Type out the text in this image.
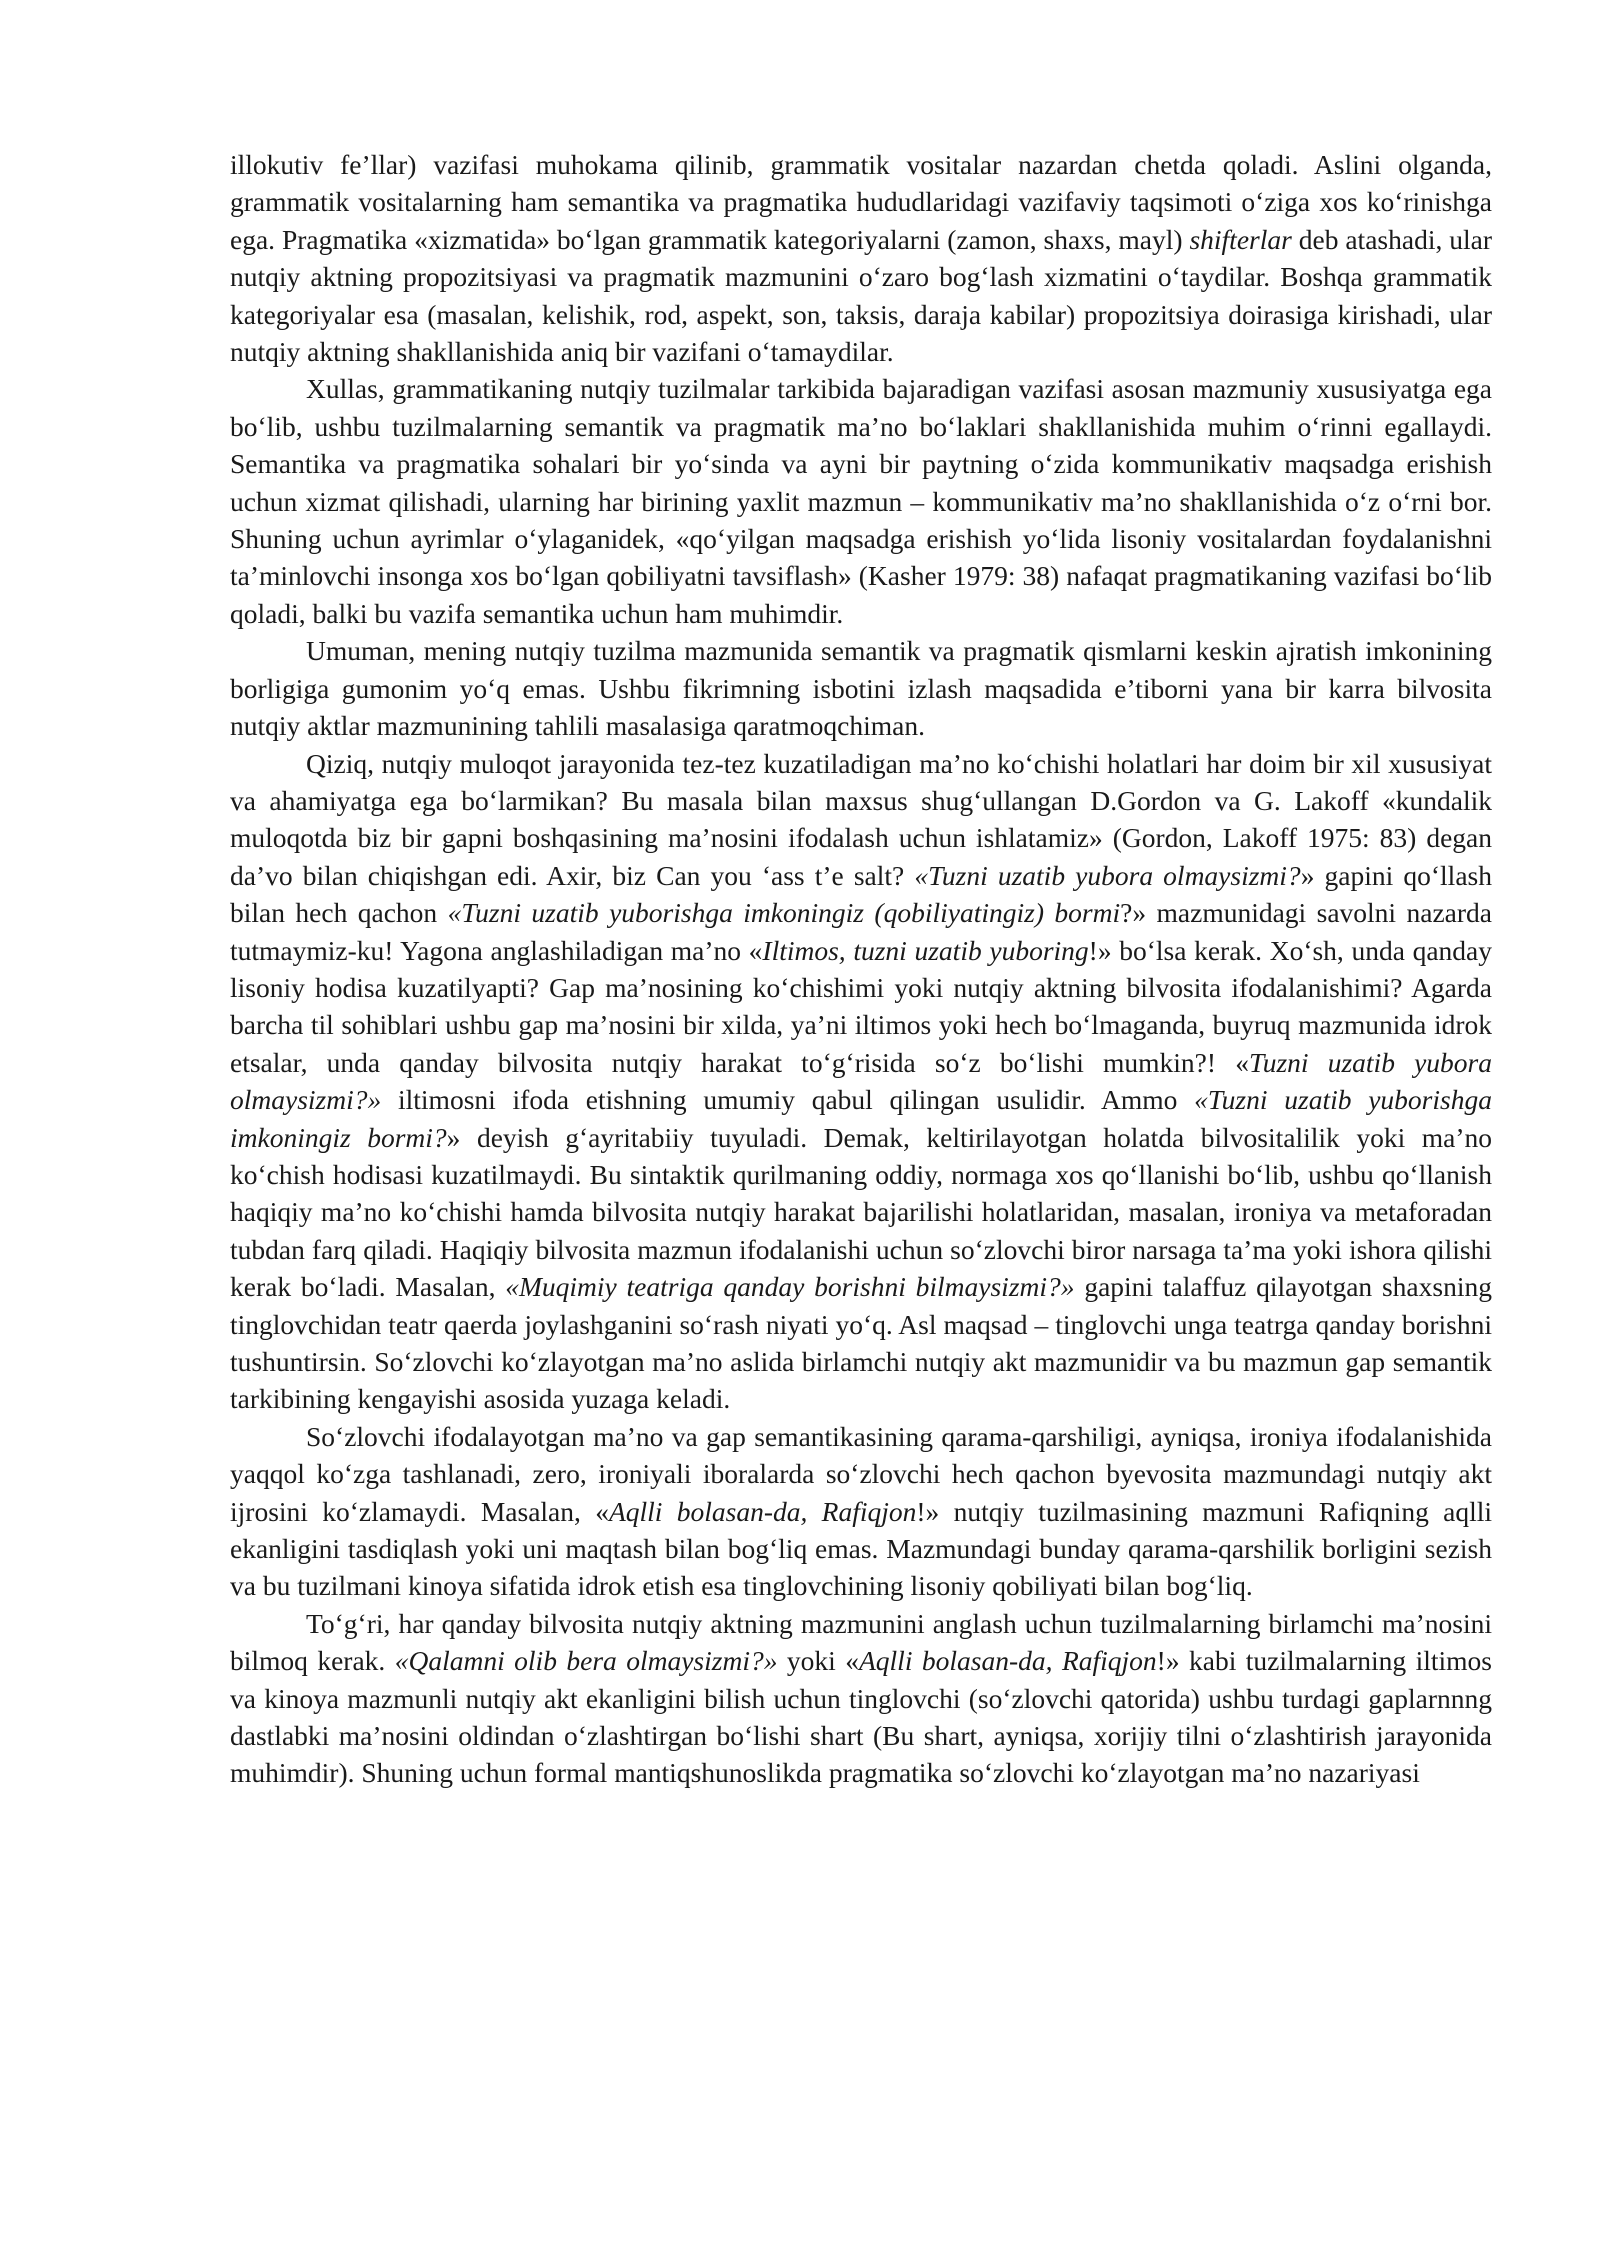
illokutiv fe’llar) vazifasi muhokama qilinib, grammatik vositalar nazardan chetda qoladi. Aslini olganda, grammatik vositalarning ham semantika va pragmatika hududlaridagi vazifaviy taqsimoti o‘ziga xos ko‘rinishga ega. Pragmatika «xizmatida» bo‘lgan grammatik kategoriyalarni (zamon, shaxs, mayl) shifterlar deb atashadi, ular nutqiy aktning propozitsiyasi va pragmatik mazmunini o‘zaro bog‘lash xizmatini o‘taydilar. Boshqa grammatik kategoriyalar esa (masalan, kelishik, rod, aspekt, son, taksis, daraja kabilar) propozitsiya doirasiga kirishadi, ular nutqiy aktning shakllanishida aniq bir vazifani o‘tamaydilar.

Xullas, grammatikaning nutqiy tuzilmalar tarkibida bajaradigan vazifasi asosan mazmuniy xususiyatga ega bo‘lib, ushbu tuzilmalarning semantik va pragmatik ma’no bo‘laklari shakllanishida muhim o‘rinni egallaydi. Semantika va pragmatika sohalari bir yo‘sinda va ayni bir paytning o‘zida kommunikativ maqsadga erishish uchun xizmat qilishadi, ularning har birining yaxlit mazmun – kommunikativ ma’no shakllanishida o‘z o‘rni bor. Shuning uchun ayrimlar o‘ylaganidek, «qo‘yilgan maqsadga erishish yo‘lida lisoniy vositalardan foydalanishni ta’minlovchi insonga xos bo‘lgan qobiliyatni tavsiflash» (Kasher 1979: 38) nafaqat pragmatikaning vazifasi bo‘lib qoladi, balki bu vazifa semantika uchun ham muhimdir.

Umuman, mening nutqiy tuzilma mazmunida semantik va pragmatik qismlarni keskin ajratish imkonining borligiga gumonim yo‘q emas. Ushbu fikrimning isbotini izlash maqsadida e’tiborni yana bir karra bilvosita nutqiy aktlar mazmunining tahlili masalasiga qaratmoqchiman.

Qiziq, nutqiy muloqot jarayonida tez-tez kuzatiladigan ma’no ko‘chishi holatlari har doim bir xil xususiyat va ahamiyatga ega bo‘larmikan? Bu masala bilan maxsus shug‘ullangan D.Gordon va G. Lakoff «kundalik muloqotda biz bir gapni boshqasining ma’nosini ifodalash uchun ishlatamiz» (Gordon, Lakoff 1975: 83) degan da’vo bilan chiqishgan edi. Axir, biz Can you ‘ass t’e salt? «Tuzni uzatib yubora olmaysizmi?» gapini qo‘llash bilan hech qachon «Tuzni uzatib yuborishga imkoningiz (qobiliyatingiz) bormi?» mazmunidagi savolni nazarda tutmaymiz-ku! Yagona anglashiladigan ma’no «Iltimos, tuzni uzatib yuboring!» bo‘lsa kerak. Xo‘sh, unda qanday lisoniy hodisa kuzatilyapti? Gap ma’nosining ko‘chishimi yoki nutqiy aktning bilvosita ifodalanishimi? Agarda barcha til sohiblari ushbu gap ma’nosini bir xilda, ya’ni iltimos yoki hech bo‘lmaganda, buyruq mazmunida idrok etsalar, unda qanday bilvosita nutqiy harakat to‘g‘risida so‘z bo‘lishi mumkin?! «Tuzni uzatib yubora olmaysizmi?» iltimosni ifoda etishning umumiy qabul qilingan usulidir. Ammo «Tuzni uzatib yuborishga imkoningiz bormi?» deyish g‘ayritabiiy tuyuladi. Demak, keltirilayotgan holatda bilvositalilik yoki ma’no ko‘chish hodisasi kuzatilmaydi. Bu sintaktik qurilmaning oddiy, normaga xos qo‘llanishi bo‘lib, ushbu qo‘llanish haqiqiy ma’no ko‘chishi hamda bilvosita nutqiy harakat bajarilishi holatlaridan, masalan, ironiya va metaforadan tubdan farq qiladi. Haqiqiy bilvosita mazmun ifodalanishi uchun so‘zlovchi biror narsaga ta’ma yoki ishora qilishi kerak bo‘ladi. Masalan, «Muqimiy teatriga qanday borishni bilmaysizmi?» gapini talaffuz qilayotgan shaxsning tinglovchidan teatr qaerda joylashganini so‘rash niyati yo‘q. Asl maqsad – tinglovchi unga teatrga qanday borishni tushuntirsin. So‘zlovchi ko‘zlayotgan ma’no aslida birlamchi nutqiy akt mazmunidir va bu mazmun gap semantik tarkibining kengayishi asosida yuzaga keladi.

So‘zlovchi ifodalayotgan ma’no va gap semantikasining qarama-qarshiligi, ayniqsa, ironiya ifodalanishida yaqqol ko‘zga tashlanadi, zero, ironiyali iboralarda so‘zlovchi hech qachon byevosita mazmundagi nutqiy akt ijrosini ko‘zlamaydi. Masalan, «Aqlli bolasan-da, Rafiqjon!» nutqiy tuzilmasining mazmuni Rafiqning aqlli ekanligini tasdiqlash yoki uni maqtash bilan bog‘liq emas. Mazmundagi bunday qarama-qarshilik borligini sezish va bu tuzilmani kinoya sifatida idrok etish esa tinglovchining lisoniy qobiliyati bilan bog‘liq.

To‘g‘ri, har qanday bilvosita nutqiy aktning mazmunini anglash uchun tuzilmalarning birlamchi ma’nosini bilmoq kerak. «Qalamni olib bera olmaysizmi?» yoki «Aqlli bolasan-da, Rafiqjon!» kabi tuzilmalarning iltimos va kinoya mazmunli nutqiy akt ekanligini bilish uchun tinglovchi (so‘zlovchi qatorida) ushbu turdagi gaplarnnng dastlabki ma’nosini oldindan o‘zlashtirgan bo‘lishi shart (Bu shart, ayniqsa, xorijiy tilni o‘zlashtirish jarayonida muhimdir). Shuning uchun formal mantiqshunoslikda pragmatika so‘zlovchi ko‘zlayotgan ma’no nazariyasi
